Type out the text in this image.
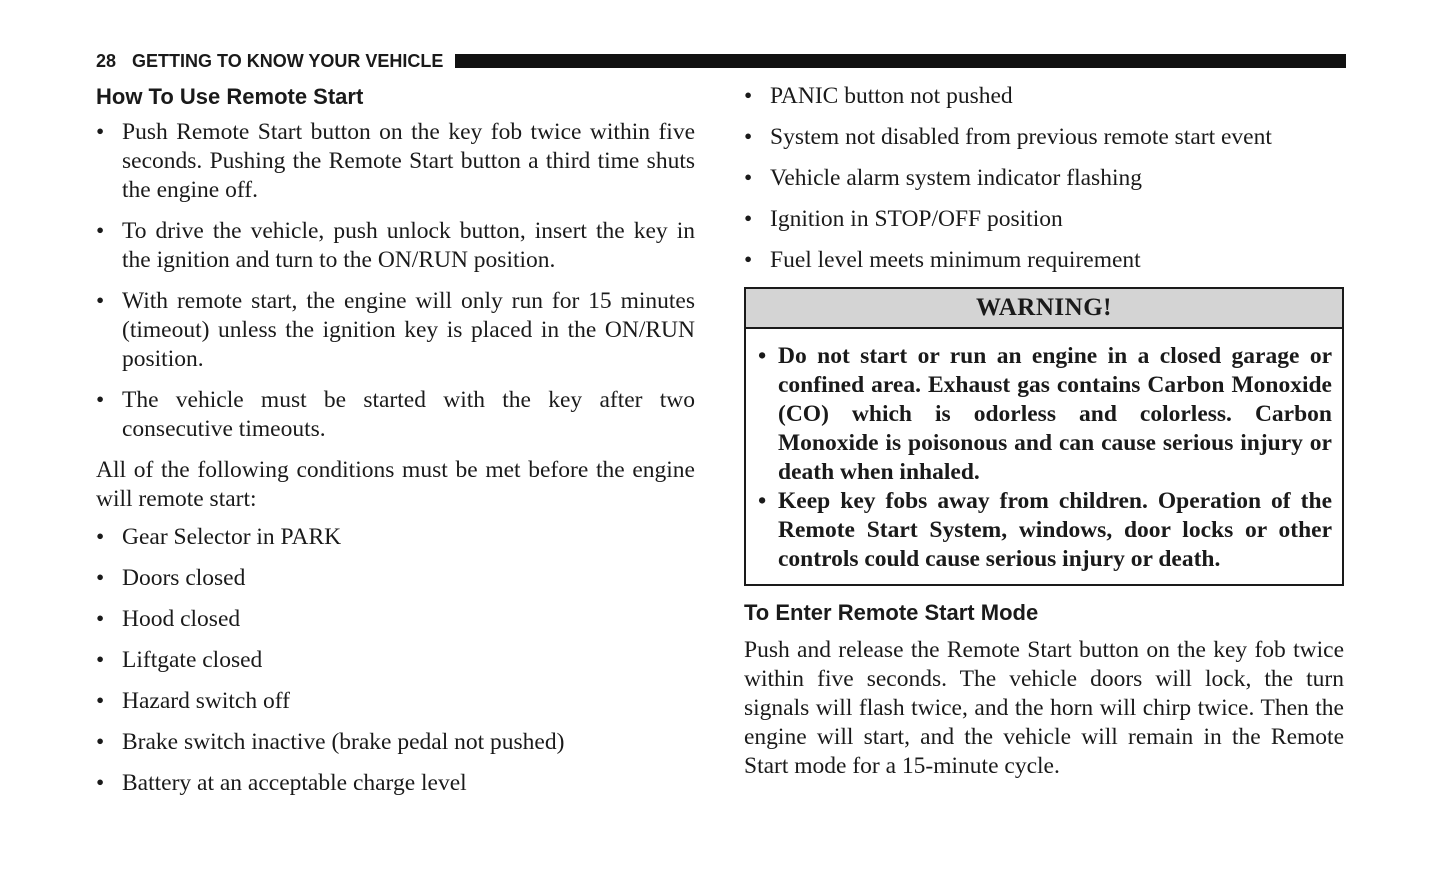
28 GETTING TO KNOW YOUR VEHICLE
How To Use Remote Start
• Push Remote Start button on the key fob twice within five seconds. Pushing the Remote Start button a third time shuts the engine off.
• To drive the vehicle, push unlock button, insert the key in the ignition and turn to the ON/RUN position.
• With remote start, the engine will only run for 15 minutes (timeout) unless the ignition key is placed in the ON/RUN position.
• The vehicle must be started with the key after two consecutive timeouts.

All of the following conditions must be met before the engine will remote start:

• Gear Selector in PARK
• Doors closed
• Hood closed
• Liftgate closed
• Hazard switch off
• Brake switch inactive (brake pedal not pushed)
• Battery at an acceptable charge level
• PANIC button not pushed
• System not disabled from previous remote start event
• Vehicle alarm system indicator flashing
• Ignition in STOP/OFF position
• Fuel level meets minimum requirement
WARNING!
• Do not start or run an engine in a closed garage or confined area. Exhaust gas contains Carbon Monoxide (CO) which is odorless and colorless. Carbon Monoxide is poisonous and can cause serious injury or death when inhaled.
• Keep key fobs away from children. Operation of the Remote Start System, windows, door locks or other controls could cause serious injury or death.
To Enter Remote Start Mode

Push and release the Remote Start button on the key fob twice within five seconds. The vehicle doors will lock, the turn signals will flash twice, and the horn will chirp twice. Then the engine will start, and the vehicle will remain in the Remote Start mode for a 15-minute cycle.
